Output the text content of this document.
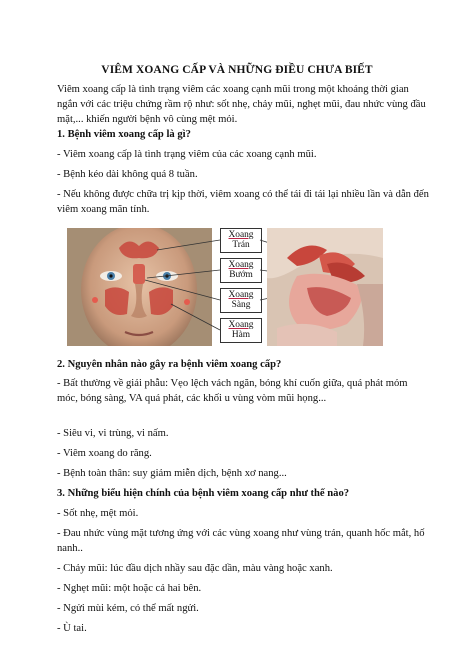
VIÊM XOANG CẤP VÀ NHỮNG ĐIỀU CHƯA BIẾT
Viêm xoang cấp là tình trạng viêm các xoang cạnh mũi trong một khoảng thời gian ngắn với các triệu chứng rầm rộ như: sốt nhẹ, chảy mũi, nghẹt mũi, đau nhức vùng đầu mặt,... khiến người bệnh vô cùng mệt mỏi.
1. Bệnh viêm xoang cấp là gì?
- Viêm xoang cấp là tình trạng viêm của các xoang cạnh mũi.
- Bệnh kéo dài không quá 8 tuần.
- Nếu không được chữa trị kịp thời, viêm xoang có thể tái đi tái lại nhiều lần và dẫn đến viêm xoang mãn tính.
Xoang
Trán
Xoang
Bướm
Xoang
Sàng
Xoang
Hàm
2. Nguyên nhân nào gây ra bệnh viêm xoang cấp?
- Bất thường về giải phẫu: Vẹo lệch vách ngăn, bóng khí cuốn giữa, quá phát mỏm móc, bóng sàng, VA quá phát, các khối u vùng vòm mũi họng...
- Siêu vi, vi trùng, vi nấm.
- Viêm xoang do răng.
- Bệnh toàn thân: suy giảm miễn dịch, bệnh xơ nang...
3. Những biểu hiện chính của bệnh viêm xoang cấp như thế nào?
- Sốt nhẹ, mệt mỏi.
- Đau nhức vùng mặt tương ứng với các vùng xoang như vùng trán, quanh hốc mắt, hố nanh..
- Chảy mũi: lúc đầu dịch nhầy sau đặc dần, màu vàng hoặc xanh.
- Nghẹt mũi: một hoặc cả hai bên.
- Ngửi mùi kém, có thể mất ngửi.
- Ù tai.
